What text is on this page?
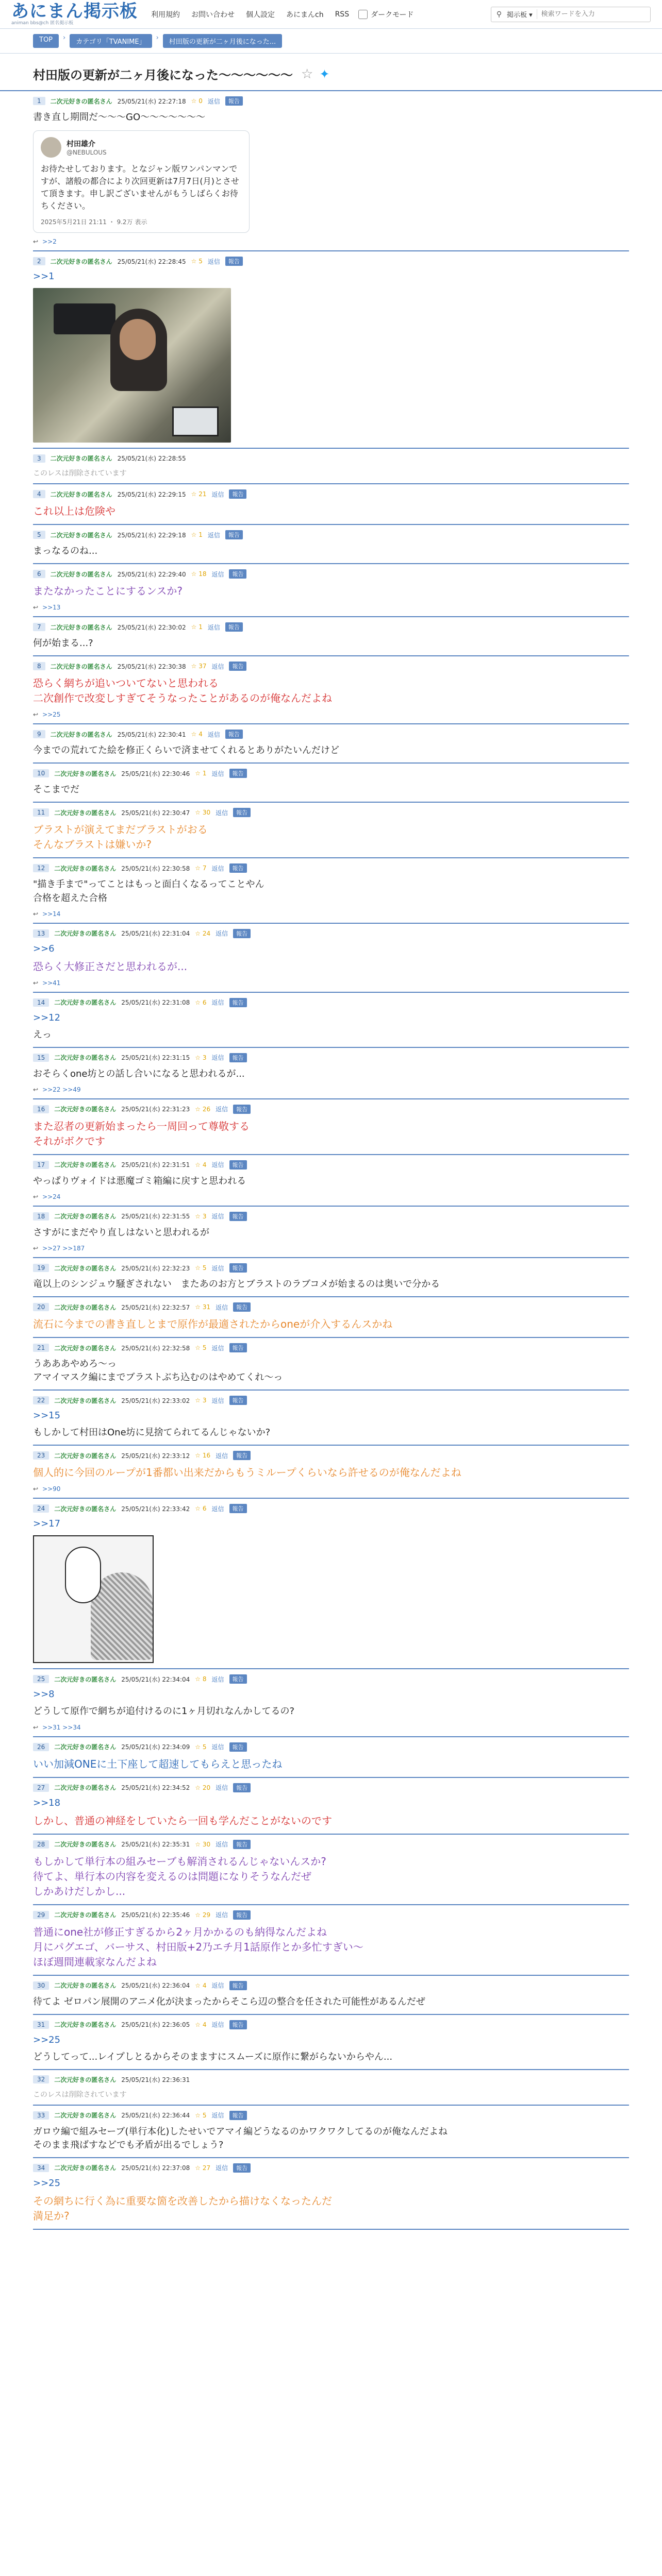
あにまん掲示板
animan bbs@ch 匿名掲示板
利用規約 お問い合わせ 個人設定 あにまんch RSS	ダークモード	⚲ 掲示板 ▾
検索ワードを入力
TOP	›
カテゴリ「TVANIME」
›
村田版の更新が二ヶ月後になった...
村田版の更新が二ヶ月後になった〜〜〜〜〜〜 ☆ ✦
1	二次元好きの匿名さん 25/05/21(水) 22:27:18 ☆ 0 返信	報告
書き直し期間だ〜〜〜GO〜〜〜〜〜〜〜
村田雄介
@NEBULOUS
お待たせしております。となジャン版ワンパンマンですが、諸般の都合により次回更新は7月7日(月)とさせて頂きます。申し訳ございませんがもうしばらくお待ちください。
2025年5月21日 21:11 ・ 9.2万 表示
↩ >>2
2	二次元好きの匿名さん 25/05/21(水) 22:28:45 ☆ 5 返信	報告
>>1
3	二次元好きの匿名さん 25/05/21(水) 22:28:55
このレスは削除されています
4	二次元好きの匿名さん 25/05/21(水) 22:29:15 ☆ 21 返信	報告
これ以上は危険や
5	二次元好きの匿名さん 25/05/21(水) 22:29:18 ☆ 1 返信	報告
まっなるのね...
6	二次元好きの匿名さん 25/05/21(水) 22:29:40 ☆ 18 返信	報告
またなかったことにするンスか?
↩ >>13
7	二次元好きの匿名さん 25/05/21(水) 22:30:02 ☆ 1 返信	報告
何が始まる...?
8	二次元好きの匿名さん 25/05/21(水) 22:30:38 ☆ 37 返信	報告
恐らく網ちが追いついてないと思われる
二次創作で改変しすぎてそうなったことがあるのが俺なんだよね
↩ >>25
9	二次元好きの匿名さん 25/05/21(水) 22:30:41 ☆ 4 返信	報告
今までの荒れてた絵を修正くらいで済ませてくれるとありがたいんだけど
10	二次元好きの匿名さん 25/05/21(水) 22:30:46 ☆ 1 返信	報告
そこまでだ
11	二次元好きの匿名さん 25/05/21(水) 22:30:47 ☆ 30 返信	報告
ブラストが演えてまだブラストがおる
そんなブラストは嫌いか?
12	二次元好きの匿名さん 25/05/21(水) 22:30:58 ☆ 7 返信	報告
"描き手まで"ってことはもっと面白くなるってことやん
合格を超えた合格
↩ >>14
13	二次元好きの匿名さん 25/05/21(水) 22:31:04 ☆ 24 返信	報告
>>6
恐らく大修正さだと思われるが...
↩ >>41
14	二次元好きの匿名さん 25/05/21(水) 22:31:08 ☆ 6 返信	報告
>>12
えっ
15	二次元好きの匿名さん 25/05/21(水) 22:31:15 ☆ 3 返信	報告
おそらくone坊との話し合いになると思われるが...
↩ >>22 >>49
16	二次元好きの匿名さん 25/05/21(水) 22:31:23 ☆ 26 返信	報告
また忍者の更新始まったら一周回って尊敬する
それがボクです
17	二次元好きの匿名さん 25/05/21(水) 22:31:51 ☆ 4 返信	報告
やっぱりヴォイドは悪魔ゴミ箱編に戻すと思われる
↩ >>24
18	二次元好きの匿名さん 25/05/21(水) 22:31:55 ☆ 3 返信	報告
さすがにまだやり直しはないと思われるが
↩ >>27 >>187
19	二次元好きの匿名さん 25/05/21(水) 22:32:23 ☆ 5 返信	報告
竜以上のシンジュウ騒ぎされない　またあのお方とブラストのラブコメが始まるのは奥いで分かる
20	二次元好きの匿名さん 25/05/21(水) 22:32:57 ☆ 31 返信	報告
流石に今までの書き直しとまで原作が最適されたからoneが介入するんスかね
21	二次元好きの匿名さん 25/05/21(水) 22:32:58 ☆ 5 返信	報告
うあああやめろ〜っ
アマイマスク編にまでブラストぶち込むのはやめてくれ〜っ
22	二次元好きの匿名さん 25/05/21(水) 22:33:02 ☆ 3 返信	報告
>>15
もしかして村田はOne坊に見捨てられてるんじゃないか?
23	二次元好きの匿名さん 25/05/21(水) 22:33:12 ☆ 16 返信	報告
個人的に今回のループが1番都い出来だからもうミループくらいなら許せるのが俺なんだよね
↩ >>90
24	二次元好きの匿名さん 25/05/21(水) 22:33:42 ☆ 6 返信	報告
>>17
25	二次元好きの匿名さん 25/05/21(水) 22:34:04 ☆ 8 返信	報告
>>8
どうして原作で網ちが追付けるのに1ヶ月切れなんかしてるの?
↩ >>31 >>34
26	二次元好きの匿名さん 25/05/21(水) 22:34:09 ☆ 5 返信	報告
いい加減ONEに土下座して超速してもらえと思ったね
27	二次元好きの匿名さん 25/05/21(水) 22:34:52 ☆ 20 返信	報告
>>18
しかし、普通の神経をしていたら一回も学んだことがないのです
28	二次元好きの匿名さん 25/05/21(水) 22:35:31 ☆ 30 返信	報告
もしかして単行本の組みセーブも解消されるんじゃないんスか?
待てよ、単行本の内容を変えるのは問題になりそうなんだぜ
しかあけだしかし...
29	二次元好きの匿名さん 25/05/21(水) 22:35:46 ☆ 29 返信	報告
普通にone社が修正すぎるから2ヶ月かかるのも納得なんだよね
月にパグエゴ、バーサス、村田版+2乃エチ月1話原作とか多忙すぎい〜
ほぼ週間連載家なんだよね
30	二次元好きの匿名さん 25/05/21(水) 22:36:04 ☆ 4 返信	報告
待てよ ゼロパン展開のアニメ化が決まったからそこら辺の整合を任された可能性があるんだぜ
31	二次元好きの匿名さん 25/05/21(水) 22:36:05 ☆ 4 返信	報告
>>25
どうしてって...レイプしとるからそのまますにスムーズに原作に繋がらないからやん...
32	二次元好きの匿名さん 25/05/21(水) 22:36:31
このレスは削除されています
33	二次元好きの匿名さん 25/05/21(水) 22:36:44 ☆ 5 返信	報告
ガロウ編で組みセーブ(単行本化)したせいでアマイ編どうなるのかワクワクしてるのが俺なんだよね
そのまま飛ばすなどでも矛盾が出るでしょう?
34	二次元好きの匿名さん 25/05/21(水) 22:37:08 ☆ 27 返信	報告
>>25
その網ちに行く為に重要な箇を改善したから描けなくなったんだ
満足か?
